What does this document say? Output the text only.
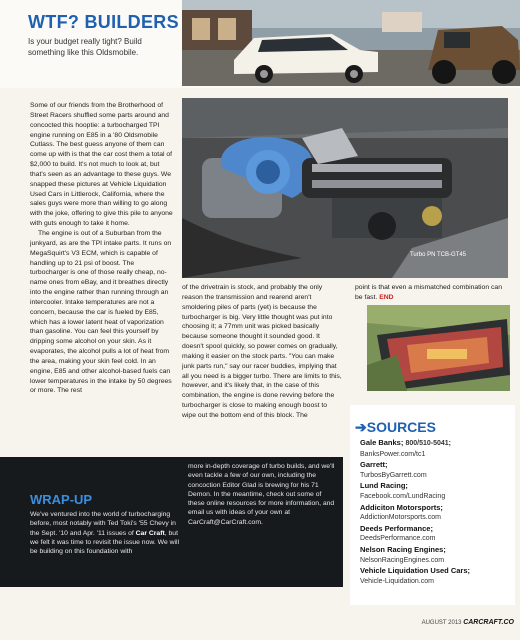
WTF? BUILDERS
Is your budget really tight? Build something like this Oldsmobile.

Some of our friends from the Brotherhood of Street Racers shuffled some parts around and concocted this hooptie: a turbocharged TPI engine running on E85 in a '80 Oldsmobile Cutlass. The best guess anyone of them can come up with is that the car cost them a total of $2,000 to build. It's not much to look at, but that's seen as an advantage to these guys. We snapped these pictures at Vehicle Liquidation Used Cars in Littlerock, California, where the sales guys were more than willing to go along with the joke, offering to give this pile to anyone with guts enough to take it home.

The engine is out of a Suburban from the junkyard, as are the TPI intake parts. It runs on MegaSquirt's V3 ECM, which is capable of handling up to 21 psi of boost. The turbocharger is one of those really cheap, no-name ones from eBay, and it breathes directly into the engine rather than running through an intercooler. Intake temperatures are not a concern, because the car is fueled by E85, which has a lower latent heat of vaporization than gasoline. You can feel this yourself by dripping some alcohol on your skin. As it evaporates, the alcohol pulls a lot of heat from the area, making your skin feel cold. In an engine, E85 and other alcohol-based fuels can lower temperatures in the intake by 50 degrees or more. The rest

Turbo PN TCB-GT45

of the drivetrain is stock, and probably the only reason the transmission and rearend aren't smoldering piles of parts (yet) is because the turbocharger is big. Very little thought was put into choosing it; a 77mm unit was picked basically because someone thought it sounded good. It doesn't spool quickly, so power comes on gradually, making it easier on the stock parts. "You can make junk parts run," say our racer buddies, implying that all you need is a bigger turbo. There are limits to this, however, and it's likely that, in the case of this combination, the engine is done revving before the turbocharger is close to making enough boost to wipe out the bottom end of this block. The

point is that even a mismatched combination can be fast. END

➔SOURCES
Gale Banks; 800/510-5041;
BanksPower.com/tc1
Garrett;
TurbosByGarrett.com
Lund Racing;
Facebook.com/LundRacing
Addiciton Motorsports;
AddictionMotorsports.com
Deeds Performance;
DeedsPerformance.com
Nelson Racing Engines;
NelsonRacingEngines.com
Vehicle Liquidation Used Cars;
Vehicle-Liquidation.com
WRAP-UP
We've ventured into the world of turbocharging before, most notably with Ted Toki's '55 Chevy in the Sept. '10 and Apr. '11 issues of Car Craft, but we felt it was time to revisit the issue now. We will be building on this foundation with
more in-depth coverage of turbo builds, and we'll even tackle a few of our own, including the concoction Editor Glad is brewing for his 71 Demon. In the meantime, check out some of these online resources for more information, and email us with ideas of your own at CarCraft@CarCraft.com.
AUGUST 2013 CARCRAFT.CO
